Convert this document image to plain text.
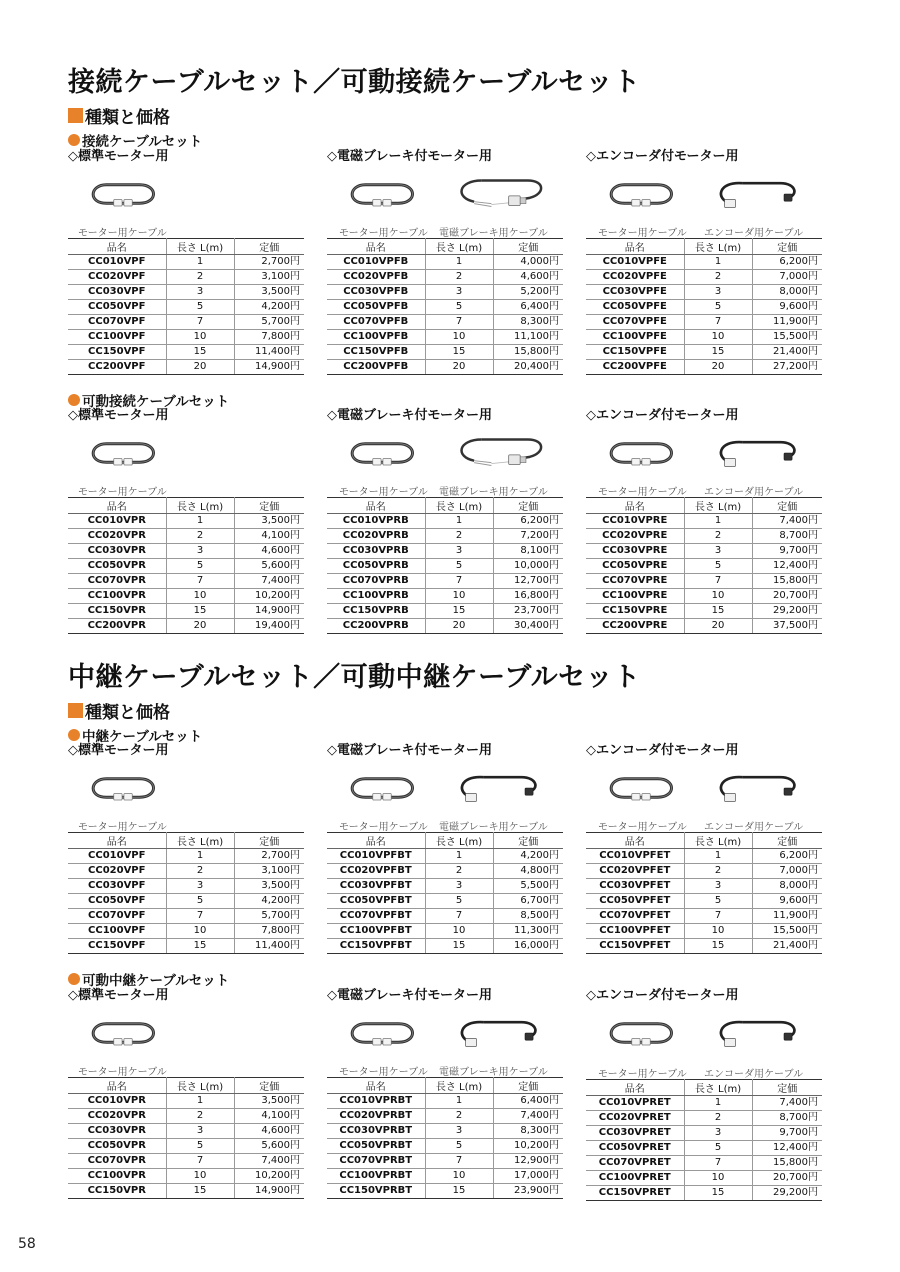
接続ケーブルセット／可動接続ケーブルセット
種類と価格
接続ケーブルセット
◇標準モーター用
モーター用ケーブル
品名	長さ L(m)	定価
CC010VPF	1	2,700円
CC020VPF	2	3,100円
CC030VPF	3	3,500円
CC050VPF	5	4,200円
CC070VPF	7	5,700円
CC100VPF	10	7,800円
CC150VPF	15	11,400円
CC200VPF	20	14,900円
◇電磁ブレーキ付モーター用
モーター用ケーブル 電磁ブレーキ用ケーブル
品名	長さ L(m)	定価
CC010VPFB	1	4,000円
CC020VPFB	2	4,600円
CC030VPFB	3	5,200円
CC050VPFB	5	6,400円
CC070VPFB	7	8,300円
CC100VPFB	10	11,100円
CC150VPFB	15	15,800円
CC200VPFB	20	20,400円
◇エンコーダ付モーター用
モーター用ケーブル エンコーダ用ケーブル
品名	長さ L(m)	定価
CC010VPFE	1	6,200円
CC020VPFE	2	7,000円
CC030VPFE	3	8,000円
CC050VPFE	5	9,600円
CC070VPFE	7	11,900円
CC100VPFE	10	15,500円
CC150VPFE	15	21,400円
CC200VPFE	20	27,200円
可動接続ケーブルセット
◇標準モーター用
モーター用ケーブル
品名	長さ L(m)	定価
CC010VPR	1	3,500円
CC020VPR	2	4,100円
CC030VPR	3	4,600円
CC050VPR	5	5,600円
CC070VPR	7	7,400円
CC100VPR	10	10,200円
CC150VPR	15	14,900円
CC200VPR	20	19,400円
◇電磁ブレーキ付モーター用
モーター用ケーブル 電磁ブレーキ用ケーブル
品名	長さ L(m)	定価
CC010VPRB	1	6,200円
CC020VPRB	2	7,200円
CC030VPRB	3	8,100円
CC050VPRB	5	10,000円
CC070VPRB	7	12,700円
CC100VPRB	10	16,800円
CC150VPRB	15	23,700円
CC200VPRB	20	30,400円
◇エンコーダ付モーター用
モーター用ケーブル エンコーダ用ケーブル
品名	長さ L(m)	定価
CC010VPRE	1	7,400円
CC020VPRE	2	8,700円
CC030VPRE	3	9,700円
CC050VPRE	5	12,400円
CC070VPRE	7	15,800円
CC100VPRE	10	20,700円
CC150VPRE	15	29,200円
CC200VPRE	20	37,500円
中継ケーブルセット／可動中継ケーブルセット
種類と価格
中継ケーブルセット
◇標準モーター用
モーター用ケーブル
品名	長さ L(m)	定価
CC010VPF	1	2,700円
CC020VPF	2	3,100円
CC030VPF	3	3,500円
CC050VPF	5	4,200円
CC070VPF	7	5,700円
CC100VPF	10	7,800円
CC150VPF	15	11,400円
◇電磁ブレーキ付モーター用
モーター用ケーブル 電磁ブレーキ用ケーブル
品名	長さ L(m)	定価
CC010VPFBT	1	4,200円
CC020VPFBT	2	4,800円
CC030VPFBT	3	5,500円
CC050VPFBT	5	6,700円
CC070VPFBT	7	8,500円
CC100VPFBT	10	11,300円
CC150VPFBT	15	16,000円
◇エンコーダ付モーター用
モーター用ケーブル エンコーダ用ケーブル
品名	長さ L(m)	定価
CC010VPFET	1	6,200円
CC020VPFET	2	7,000円
CC030VPFET	3	8,000円
CC050VPFET	5	9,600円
CC070VPFET	7	11,900円
CC100VPFET	10	15,500円
CC150VPFET	15	21,400円
可動中継ケーブルセット
◇標準モーター用
モーター用ケーブル
品名	長さ L(m)	定価
CC010VPR	1	3,500円
CC020VPR	2	4,100円
CC030VPR	3	4,600円
CC050VPR	5	5,600円
CC070VPR	7	7,400円
CC100VPR	10	10,200円
CC150VPR	15	14,900円
◇電磁ブレーキ付モーター用
モーター用ケーブル 電磁ブレーキ用ケーブル
品名	長さ L(m)	定価
CC010VPRBT	1	6,400円
CC020VPRBT	2	7,400円
CC030VPRBT	3	8,300円
CC050VPRBT	5	10,200円
CC070VPRBT	7	12,900円
CC100VPRBT	10	17,000円
CC150VPRBT	15	23,900円
◇エンコーダ付モーター用
モーター用ケーブル エンコーダ用ケーブル
品名	長さ L(m)	定価
CC010VPRET	1	7,400円
CC020VPRET	2	8,700円
CC030VPRET	3	9,700円
CC050VPRET	5	12,400円
CC070VPRET	7	15,800円
CC100VPRET	10	20,700円
CC150VPRET	15	29,200円
58
